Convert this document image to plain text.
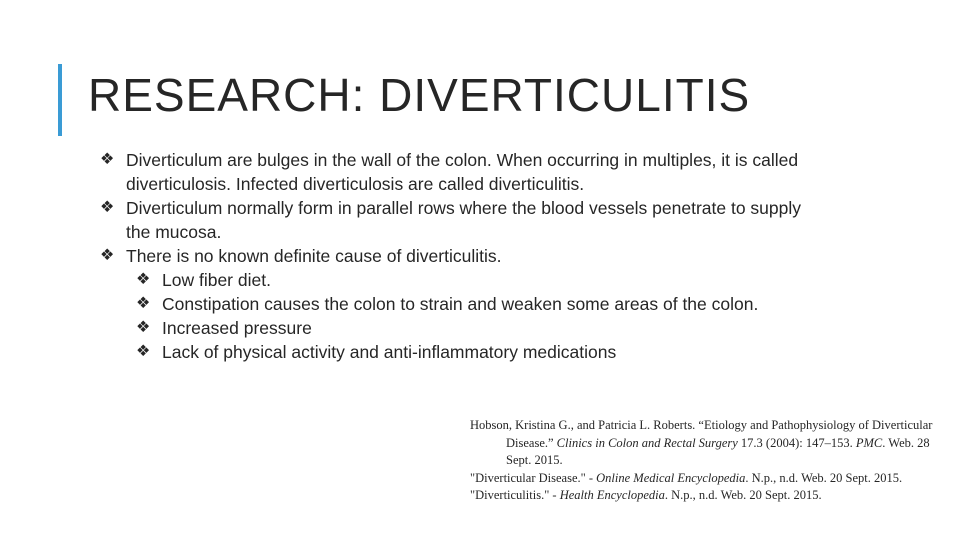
RESEARCH: DIVERTICULITIS
❖ Diverticulum are bulges in the wall of the colon. When occurring in multiples, it is called diverticulosis. Infected diverticulosis are called diverticulitis.
❖ Diverticulum normally form in parallel rows where the blood vessels penetrate to supply the mucosa.
❖ There is no known definite cause of diverticulitis.
❖ Low fiber diet.
❖ Constipation causes the colon to strain and weaken some areas of the colon.
❖ Increased pressure
❖ Lack of physical activity and anti-inflammatory medications
Hobson, Kristina G., and Patricia L. Roberts. “Etiology and Pathophysiology of Diverticular Disease.” Clinics in Colon and Rectal Surgery 17.3 (2004): 147–153. PMC. Web. 28 Sept. 2015.
"Diverticular Disease." - Online Medical Encyclopedia. N.p., n.d. Web. 20 Sept. 2015.
"Diverticulitis." - Health Encyclopedia. N.p., n.d. Web. 20 Sept. 2015.
